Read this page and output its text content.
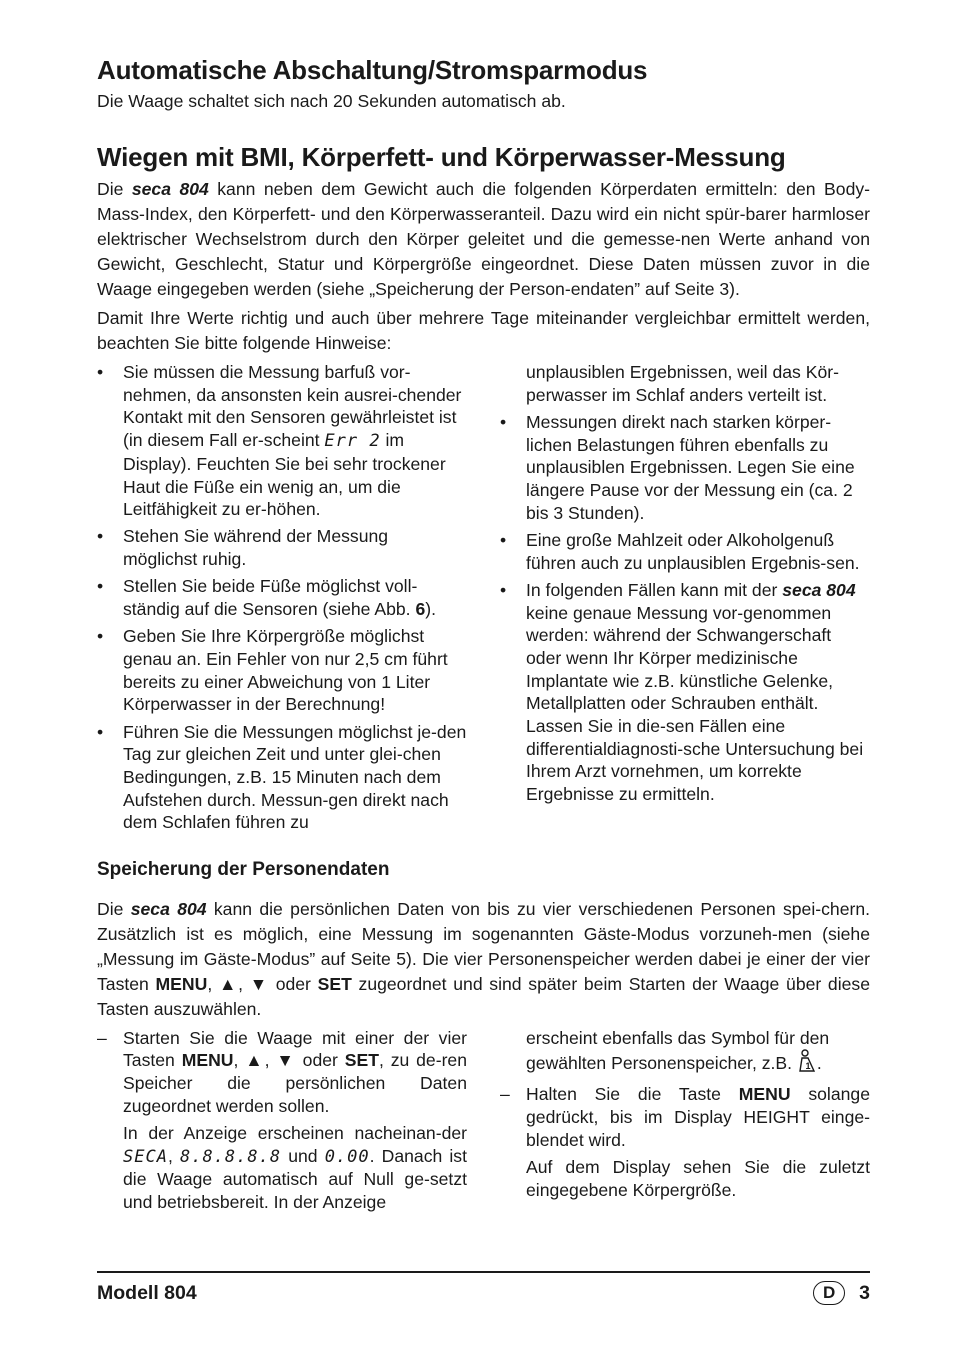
Automatische Abschaltung/Stromsparmodus

Die Waage schaltet sich nach 20 Sekunden automatisch ab.

Wiegen mit BMI, Körperfett- und Körperwasser-Messung

Die seca 804 kann neben dem Gewicht auch die folgenden Körperdaten ermitteln: den Body-Mass-Index, den Körperfett- und den Körperwasseranteil. Dazu wird ein nicht spür-barer harmloser elektrischer Wechselstrom durch den Körper geleitet und die gemesse-nen Werte anhand von Gewicht, Geschlecht, Statur und Körpergröße eingeordnet. Diese Daten müssen zuvor in die Waage eingegeben werden (siehe „Speicherung der Person-endaten” auf Seite 3).

Damit Ihre Werte richtig und auch über mehrere Tage miteinander vergleichbar ermittelt werden, beachten Sie bitte folgende Hinweise:

•	Sie müssen die Messung barfuß vor-nehmen, da ansonsten kein ausrei-chender Kontakt mit den Sensoren gewährleistet ist (in diesem Fall er-scheint Err 2 im Display). Feuchten Sie bei sehr trockener Haut die Füße ein wenig an, um die Leitfähigkeit zu er-höhen.
•	Stehen Sie während der Messung möglichst ruhig.
•	Stellen Sie beide Füße möglichst voll-ständig auf die Sensoren (siehe Abb. 6).
•	Geben Sie Ihre Körpergröße möglichst genau an. Ein Fehler von nur 2,5 cm führt bereits zu einer Abweichung von 1 Liter Körperwasser in der Berechnung!
•	Führen Sie die Messungen möglichst je-den Tag zur gleichen Zeit und unter glei-chen Bedingungen, z.B. 15 Minuten nach dem Aufstehen durch. Messun-gen direkt nach dem Schlafen führen zu
unplausiblen Ergebnissen, weil das Kör-perwasser im Schlaf anders verteilt ist.
•	Messungen direkt nach starken körper-lichen Belastungen führen ebenfalls zu unplausiblen Ergebnissen. Legen Sie eine längere Pause vor der Messung ein (ca. 2 bis 3 Stunden).
•	Eine große Mahlzeit oder Alkoholgenuß führen auch zu unplausiblen Ergebnis-sen.
•	In folgenden Fällen kann mit der seca 804 keine genaue Messung vor-genommen werden: während der Schwangerschaft oder wenn Ihr Körper medizinische Implantate wie z.B. künstliche Gelenke, Metallplatten oder Schrauben enthält. Lassen Sie in die-sen Fällen eine differentialdiagnosti-sche Untersuchung bei Ihrem Arzt vornehmen, um korrekte Ergebnisse zu ermitteln.
Speicherung der Personendaten

Die seca 804 kann die persönlichen Daten von bis zu vier verschiedenen Personen spei-chern. Zusätzlich ist es möglich, eine Messung im sogenannten Gäste-Modus vorzuneh-men (siehe „Messung im Gäste-Modus” auf Seite 5). Die vier Personenspeicher werden dabei je einer der vier Tasten MENU, ▲, ▼ oder SET zugeordnet und sind später beim Starten der Waage über diese Tasten auszuwählen.

– Starten Sie die Waage mit einer der vier Tasten MENU, ▲, ▼ oder SET, zu de-ren Speicher die persönlichen Daten zugeordnet werden sollen.
In der Anzeige erscheinen nacheinan-der SECA, 8.8.8.8.8 und 0.00. Danach ist die Waage automatisch auf Null ge-setzt und betriebsbereit. In der Anzeige
erscheint ebenfalls das Symbol für den gewählten Personenspeicher, z.B. 1 .
– Halten Sie die Taste MENU solange gedrückt, bis im Display HEIGHT einge-blendet wird.
Auf dem Display sehen Sie die zuletzt eingegebene Körpergröße.
Modell 804	D	3
